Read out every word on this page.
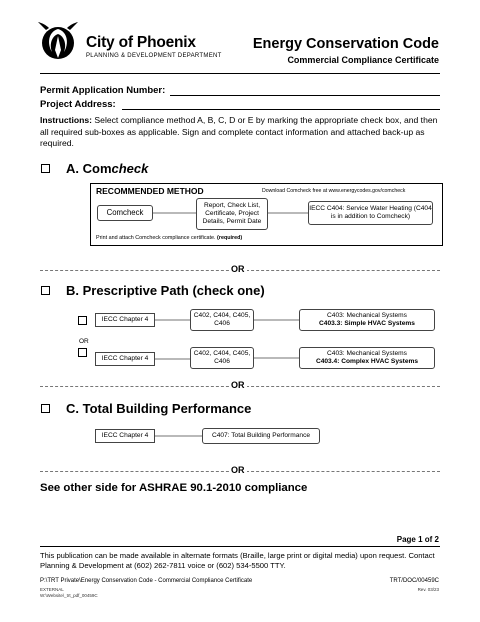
City of Phoenix
PLANNING & DEVELOPMENT DEPARTMENT
Energy Conservation Code
Commercial Compliance Certificate
Permit Application Number:
Project Address:
Instructions: Select compliance method A, B, C, D or E by marking the appropriate check box, and then all required sub-boxes as applicable. Sign and complete contact information and attached back-up as required.
A. Comcheck
RECOMMENDED METHOD	Download Comcheck free at www.energycodes.gov/comcheck
Comcheck
Report, Check List, Certificate, Project Details, Permit Date
IECC C404: Service Water Heating (C404 is in addition to Comcheck)
Print and attach Comcheck compliance certificate. (required)
OR
B. Prescriptive Path (check one)
IECC Chapter 4
C402, C404, C405, C406
C403: Mechanical Systems
C403.3: Simple HVAC Systems
OR
IECC Chapter 4
C402, C404, C405, C406
C403: Mechanical Systems
C403.4: Complex HVAC Systems
OR
C. Total Building Performance
IECC Chapter 4	C407: Total Building Performance
OR
See other side for ASHRAE 90.1-2010 compliance
Page 1 of 2
This publication can be made available in alternate formats (Braille, large print or digital media) upon request. Contact Planning & Development at (602) 262-7811 voice or (602) 534-5500 TTY.
P:\TRT Private\Energy Conservation Code - Commercial Compliance Certificate	TRT/DOC/00459C
EXTERNAL
W:\Website\_trt_pdf_00459C
Rev. 03/23
